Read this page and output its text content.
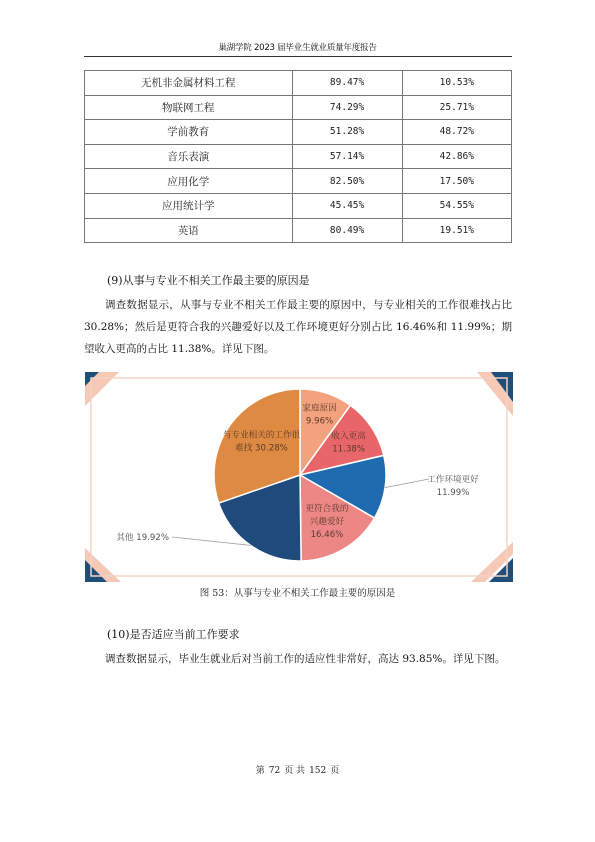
巢湖学院 2023 届毕业生就业质量年度报告
无机非金属材料工程	89.47%	10.53%
物联网工程	74.29%	25.71%
学前教育	51.28%	48.72%
音乐表演	57.14%	42.86%
应用化学	82.50%	17.50%
应用统计学	45.45%	54.55%
英语	80.49%	19.51%
(9)从事与专业不相关工作最主要的原因是

调查数据显示，从事与专业不相关工作最主要的原因中，与专业相关的工作很难找占比 30.28%；然后是更符合我的兴趣爱好以及工作环境更好分别占比 16.46%和 11.99%；期望收入更高的占比 11.38%。详见下图。

家庭原因
9.96%
收入更高
11.38%
工作环境更好
11.99%
更符合我的
兴趣爱好
16.46%
其他 19.92%
与专业相关的工作很
难找 30.28%
图 53：从事与专业不相关工作最主要的原因是
(10)是否适应当前工作要求

调查数据显示，毕业生就业后对当前工作的适应性非常好，高达 93.85%。详见下图。

第 72 页 共 152 页
